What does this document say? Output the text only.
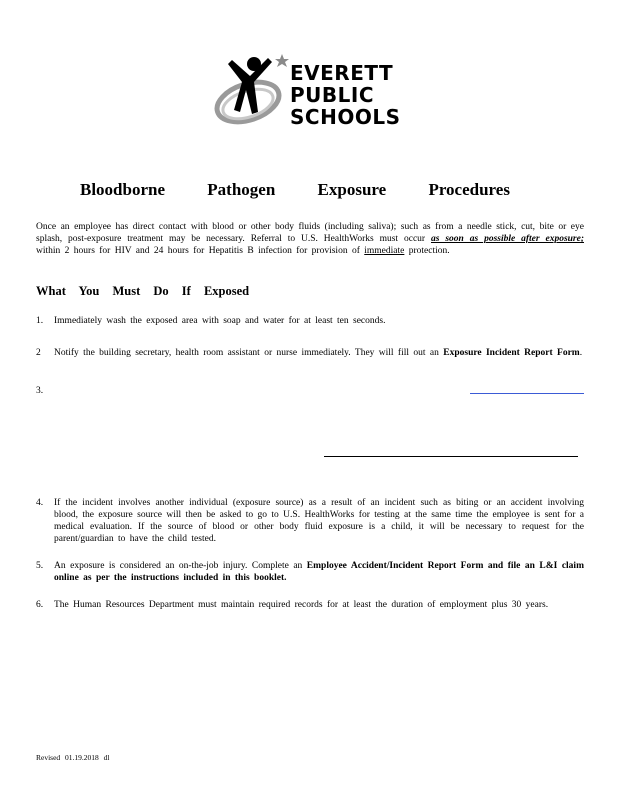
EVERETT
PUBLIC
SCHOOLS
Bloodborne Pathogen Exposure Procedures
Once an employee has direct contact with blood or other body fluids (including saliva); such as from a needle stick, cut, bite or eye splash, post-exposure treatment may be necessary. Referral to U.S. HealthWorks must occur as soon as possible after exposure; within 2 hours for HIV and 24 hours for Hepatitis B infection for provision of immediate protection.
What You Must Do If Exposed
1. Immediately wash the exposed area with soap and water for at least ten seconds.
2 Notify the building secretary, health room assistant or nurse immediately. They will fill out an Exposure Incident Report Form.
3.
4. If the incident involves another individual (exposure source) as a result of an incident such as biting or an accident involving blood, the exposure source will then be asked to go to U.S. HealthWorks for testing at the same time the employee is sent for a medical evaluation. If the source of blood or other body fluid exposure is a child, it will be necessary to request for the parent/guardian to have the child tested.
5. An exposure is considered an on-the-job injury. Complete an Employee Accident/Incident Report Form and file an L&I claim online as per the instructions included in this booklet.
6. The Human Resources Department must maintain required records for at least the duration of employment plus 30 years.
Revised 01.19.2018 dl
